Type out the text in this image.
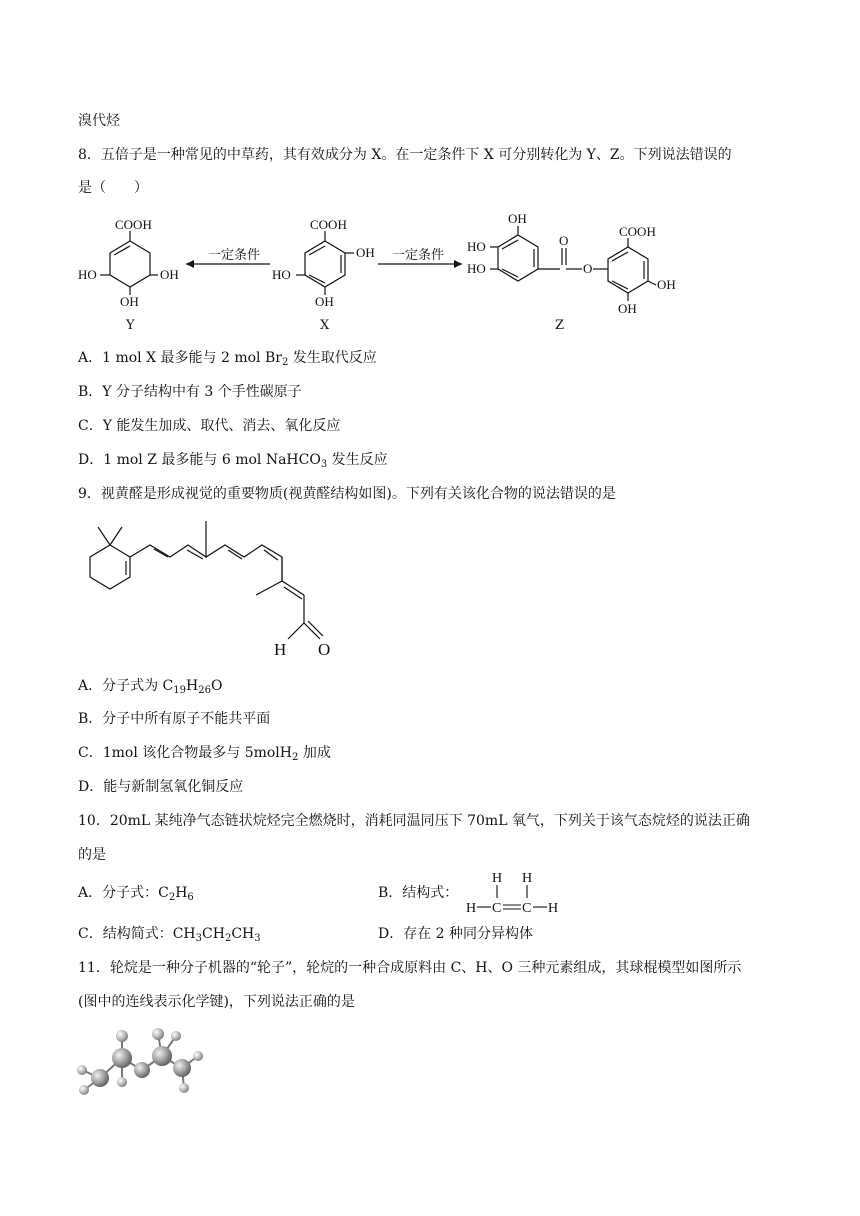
溴代烃
8．五倍子是一种常见的中草药，其有效成分为 X。在一定条件下 X 可分别转化为 Y、Z。下列说法错误的
是（　　）
COOH
HO	OH
OH
一定条件
COOH
OH
HO
OH
一定条件
OH
HO
HO
O
O
COOH
OH
OH
Y	X	Z
A．1 mol X 最多能与 2 mol $Br_2$ 发生取代反应
B．Y 分子结构中有 3 个手性碳原子
C．Y 能发生加成、取代、消去、氧化反应
D．1 mol Z 最多能与 6 mol NaHCO$_3$ 发生反应
9．视黄醛是形成视觉的重要物质(视黄醛结构如图)。下列有关该化合物的说法错误的是
H O
A．分子式为 $C_{19}H_{26}O$
B．分子中所有原子不能共平面
C．1mol 该化合物最多与 5molH$_2$ 加成
D．能与新制氢氧化铜反应
10．20mL 某纯净气态链状烷烃完全燃烧时，消耗同温同压下 70mL 氧气，下列关于该气态烷烃的说法正确
的是
A．分子式：$C_2H_6$	B．结构式：
H H
H C C H
C．结构简式：$CH_3CH_2CH_3$	D．存在 2 种同分异构体
11．轮烷是一种分子机器的“轮子”，轮烷的一种合成原料由 C、H、O 三种元素组成，其球棍模型如图所示
(图中的连线表示化学键)，下列说法正确的是
